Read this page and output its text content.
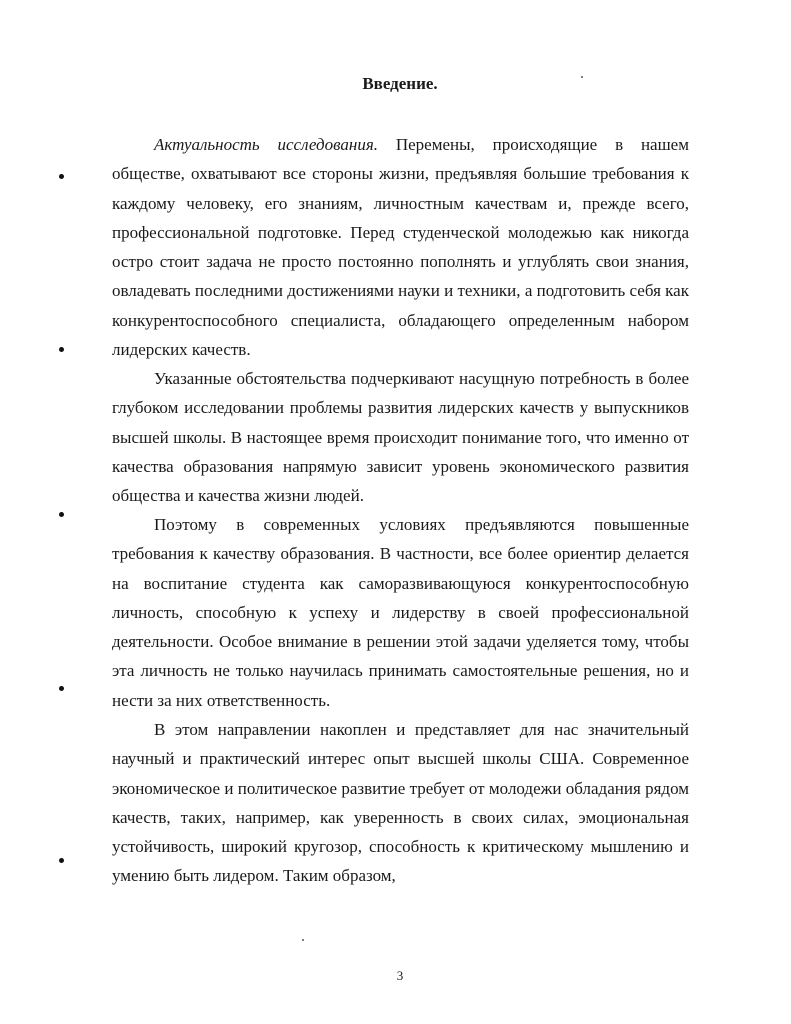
Введение.

Актуальность исследования. Перемены, происходящие в нашем обществе, охватывают все стороны жизни, предъявляя большие требования к каждому человеку, его знаниям, личностным качествам и, прежде всего, профессиональной подготовке. Перед студенческой молодежью как никогда остро стоит задача не просто постоянно пополнять и углублять свои знания, овладевать последними достижениями науки и техники, а подготовить себя как конкурентоспособного специалиста, обладающего определенным набором лидерских качеств.

Указанные обстоятельства подчеркивают насущную потребность в более глубоком исследовании проблемы развития лидерских качеств у выпускников высшей школы. В настоящее время происходит понимание того, что именно от качества образования напрямую зависит уровень экономического развития общества и качества жизни людей.

Поэтому в современных условиях предъявляются повышенные требования к качеству образования. В частности, все более ориентир делается на воспитание студента как саморазвивающуюся конкурентоспособную личность, способную к успеху и лидерству в своей профессиональной деятельности. Особое внимание в решении этой задачи уделяется тому, чтобы эта личность не только научилась принимать самостоятельные решения, но и нести за них ответственность.

В этом направлении накоплен и представляет для нас значительный научный и практический интерес опыт высшей школы США. Современное экономическое и политическое развитие требует от молодежи обладания рядом качеств, таких, например, как уверенность в своих силах, эмоциональная устойчивость, широкий кругозор, способность к критическому мышлению и умению быть лидером. Таким образом,

3
